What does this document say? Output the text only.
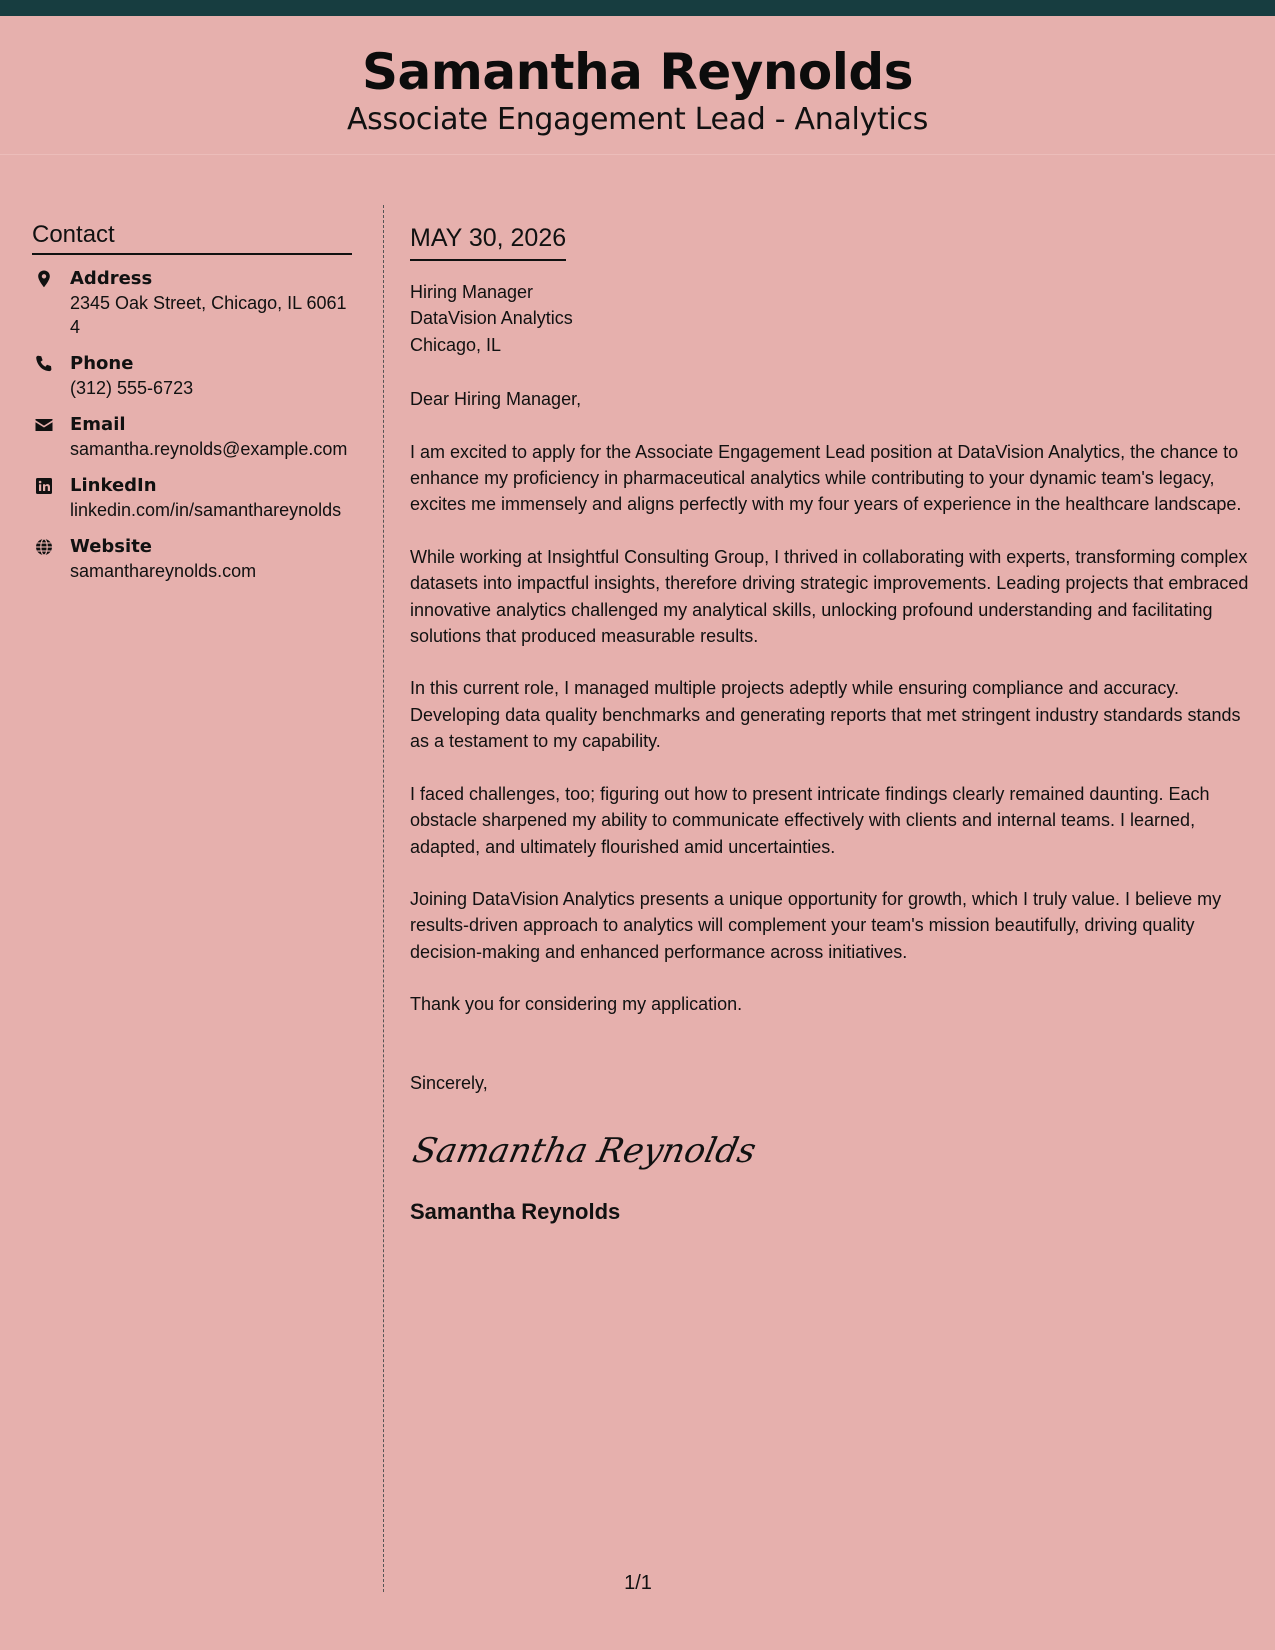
Samantha Reynolds
Associate Engagement Lead - Analytics
Contact
Address
2345 Oak Street, Chicago, IL 60614
Phone
(312) 555-6723
Email
samantha.reynolds@example.com
LinkedIn
linkedin.com/in/samanthareynolds
Website
samanthareynolds.com
MAY 30, 2026
Hiring Manager
DataVision Analytics
Chicago, IL
Dear Hiring Manager,

I am excited to apply for the Associate Engagement Lead position at DataVision Analytics, the chance to enhance my proficiency in pharmaceutical analytics while contributing to your dynamic team's legacy, excites me immensely and aligns perfectly with my four years of experience in the healthcare landscape.

While working at Insightful Consulting Group, I thrived in collaborating with experts, transforming complex datasets into impactful insights, therefore driving strategic improvements. Leading projects that embraced innovative analytics challenged my analytical skills, unlocking profound understanding and facilitating solutions that produced measurable results.

In this current role, I managed multiple projects adeptly while ensuring compliance and accuracy. Developing data quality benchmarks and generating reports that met stringent industry standards stands as a testament to my capability.

I faced challenges, too; figuring out how to present intricate findings clearly remained daunting. Each obstacle sharpened my ability to communicate effectively with clients and internal teams. I learned, adapted, and ultimately flourished amid uncertainties.

Joining DataVision Analytics presents a unique opportunity for growth, which I truly value. I believe my results-driven approach to analytics will complement your team's mission beautifully, driving quality decision-making and enhanced performance across initiatives.

Thank you for considering my application.

Sincerely,
Samantha Reynolds
Samantha Reynolds
1/1
